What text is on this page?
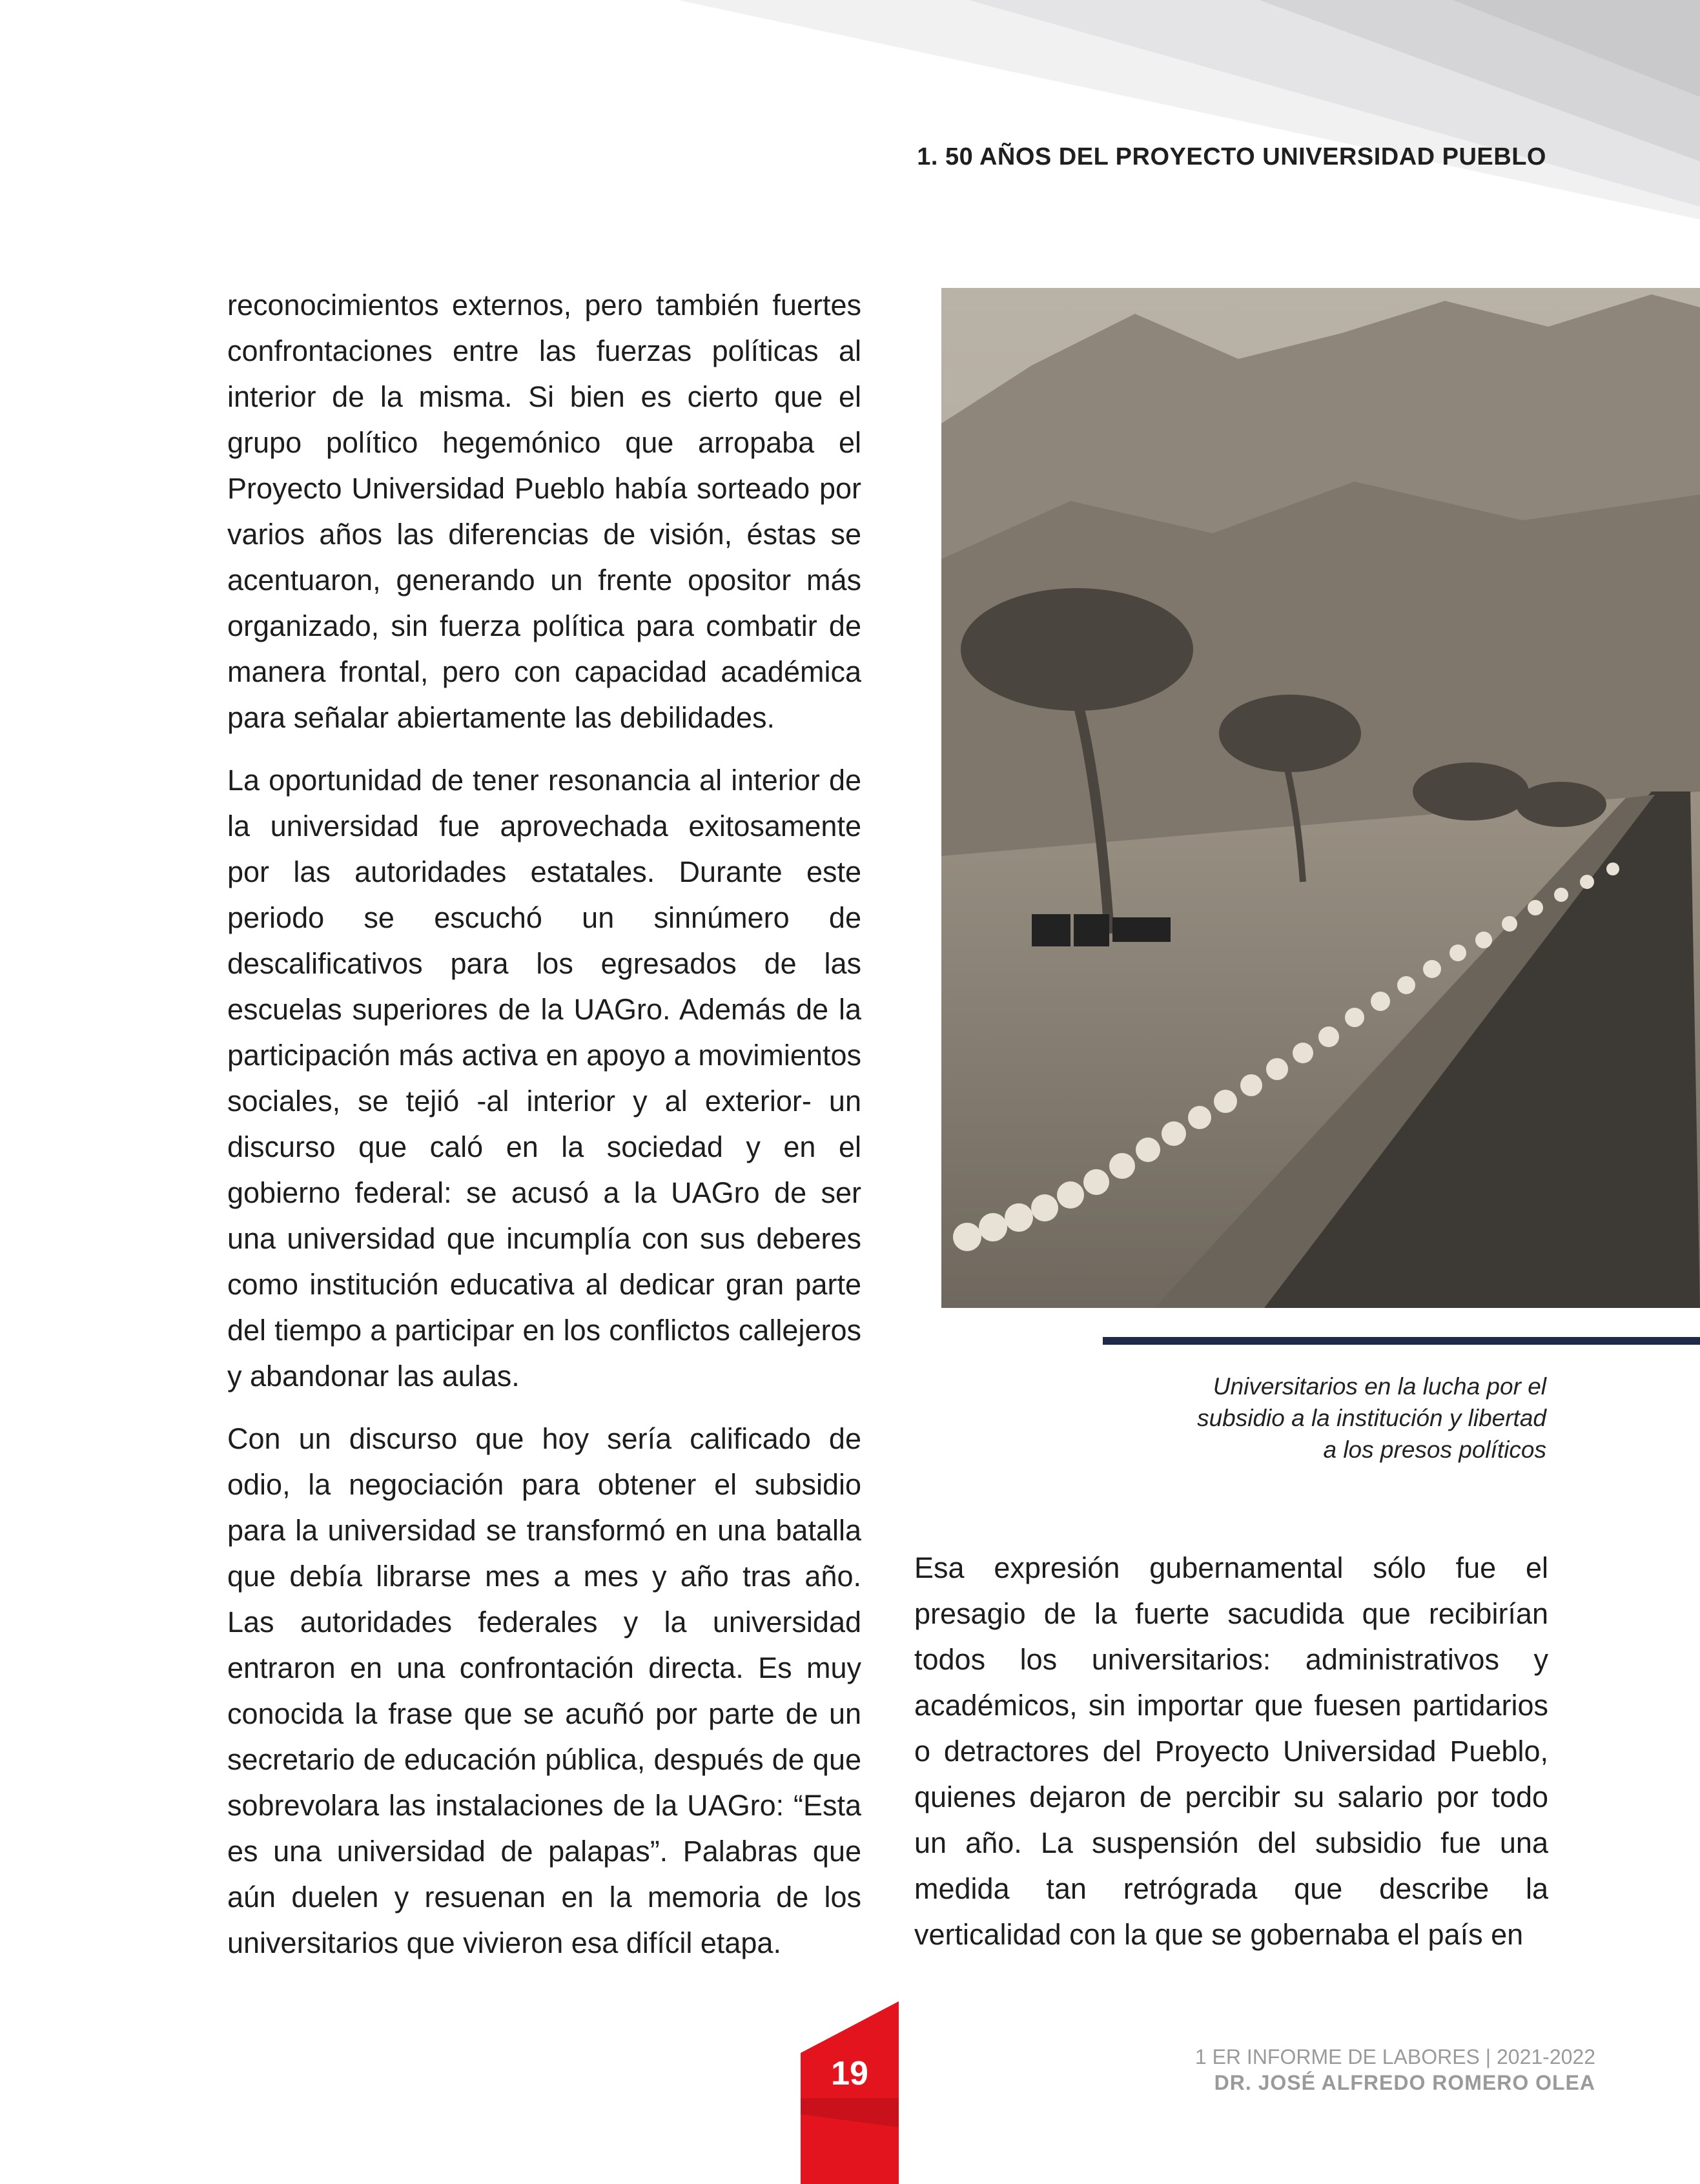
1. 50 AÑOS DEL PROYECTO UNIVERSIDAD PUEBLO

reconocimientos externos, pero también fuertes confrontaciones entre las fuerzas políticas al interior de la misma. Si bien es cierto que el grupo político hegemónico que arropaba el Proyecto Universidad Pueblo había sorteado por varios años las diferencias de visión, éstas se acentuaron, generando un frente opositor más organizado, sin fuerza política para combatir de manera frontal, pero con capacidad académica para señalar abiertamente las debilidades.

La oportunidad de tener resonancia al interior de la universidad fue aprovechada exitosamente por las autoridades estatales. Durante este periodo se escuchó un sinnúmero de descalificativos para los egresados de las escuelas superiores de la UAGro. Además de la participación más activa en apoyo a movimientos sociales, se tejió -al interior y al exterior- un discurso que caló en la sociedad y en el gobierno federal: se acusó a la UAGro de ser una universidad que incumplía con sus deberes como institución educativa al dedicar gran parte del tiempo a participar en los conflictos callejeros y abandonar las aulas.

Con un discurso que hoy sería calificado de odio, la negociación para obtener el subsidio para la universidad se transformó en una batalla que debía librarse mes a mes y año tras año. Las autoridades federales y la universidad entraron en una confrontación directa. Es muy conocida la frase que se acuñó por parte de un secretario de educación pública, después de que sobrevolara las instalaciones de la UAGro: “Esta es una universidad de palapas”. Palabras que aún duelen y resuenan en la memoria de los universitarios que vivieron esa difícil etapa.

Universitarios en la lucha por el
subsidio a la institución y libertad
a los presos políticos

Esa expresión gubernamental sólo fue el presagio de la fuerte sacudida que recibirían todos los universitarios: administrativos y académicos, sin importar que fuesen partidarios o detractores del Proyecto Universidad Pueblo, quienes dejaron de percibir su salario por todo un año. La suspensión del subsidio fue una medida tan retrógrada que describe la verticalidad con la que se gobernaba el país en

19	1 ER INFORME DE LABORES | 2021-2022
DR. JOSÉ ALFREDO ROMERO OLEA
